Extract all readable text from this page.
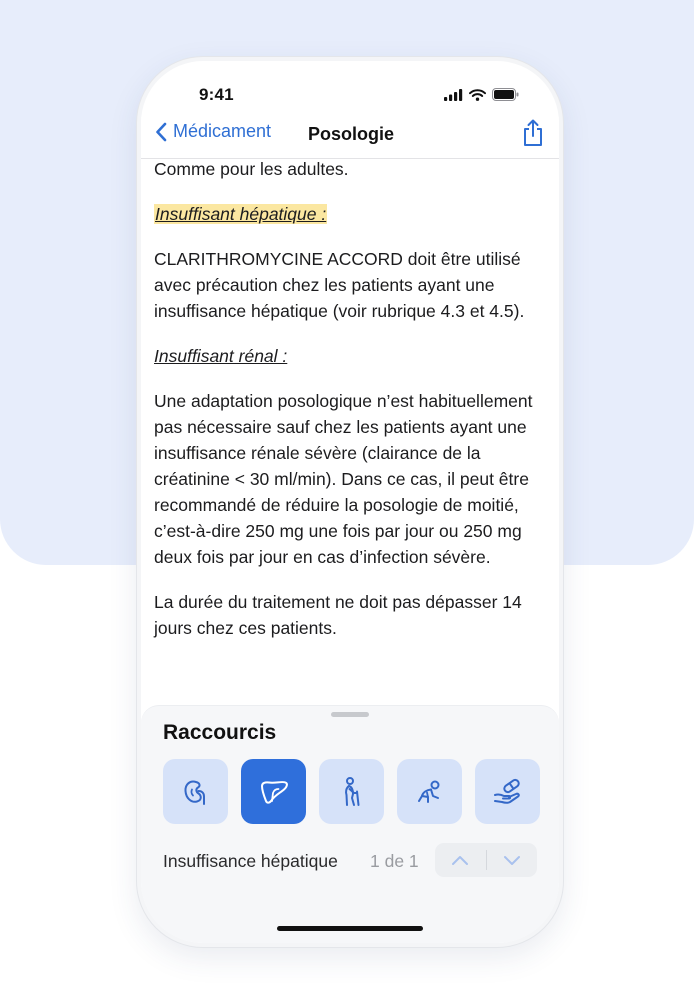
9:41
Médicament Posologie

Comme pour les adultes.

Insuffisant hépatique :

CLARITHROMYCINE ACCORD doit être utilisé avec précaution chez les patients ayant une insuffisance hépatique (voir rubrique 4.3 et 4.5).

Insuffisant rénal :

Une adaptation posologique n’est habituellement pas nécessaire sauf chez les patients ayant une insuffisance rénale sévère (clairance de la créatinine < 30 ml/min). Dans ce cas, il peut être recommandé de réduire la posologie de moitié, c’est-à-dire 250 mg une fois par jour ou 250 mg deux fois par jour en cas d’infection sévère.

La durée du traitement ne doit pas dépasser 14 jours chez ces patients.

Raccourcis
Insuffisance hépatique 1 de 1
